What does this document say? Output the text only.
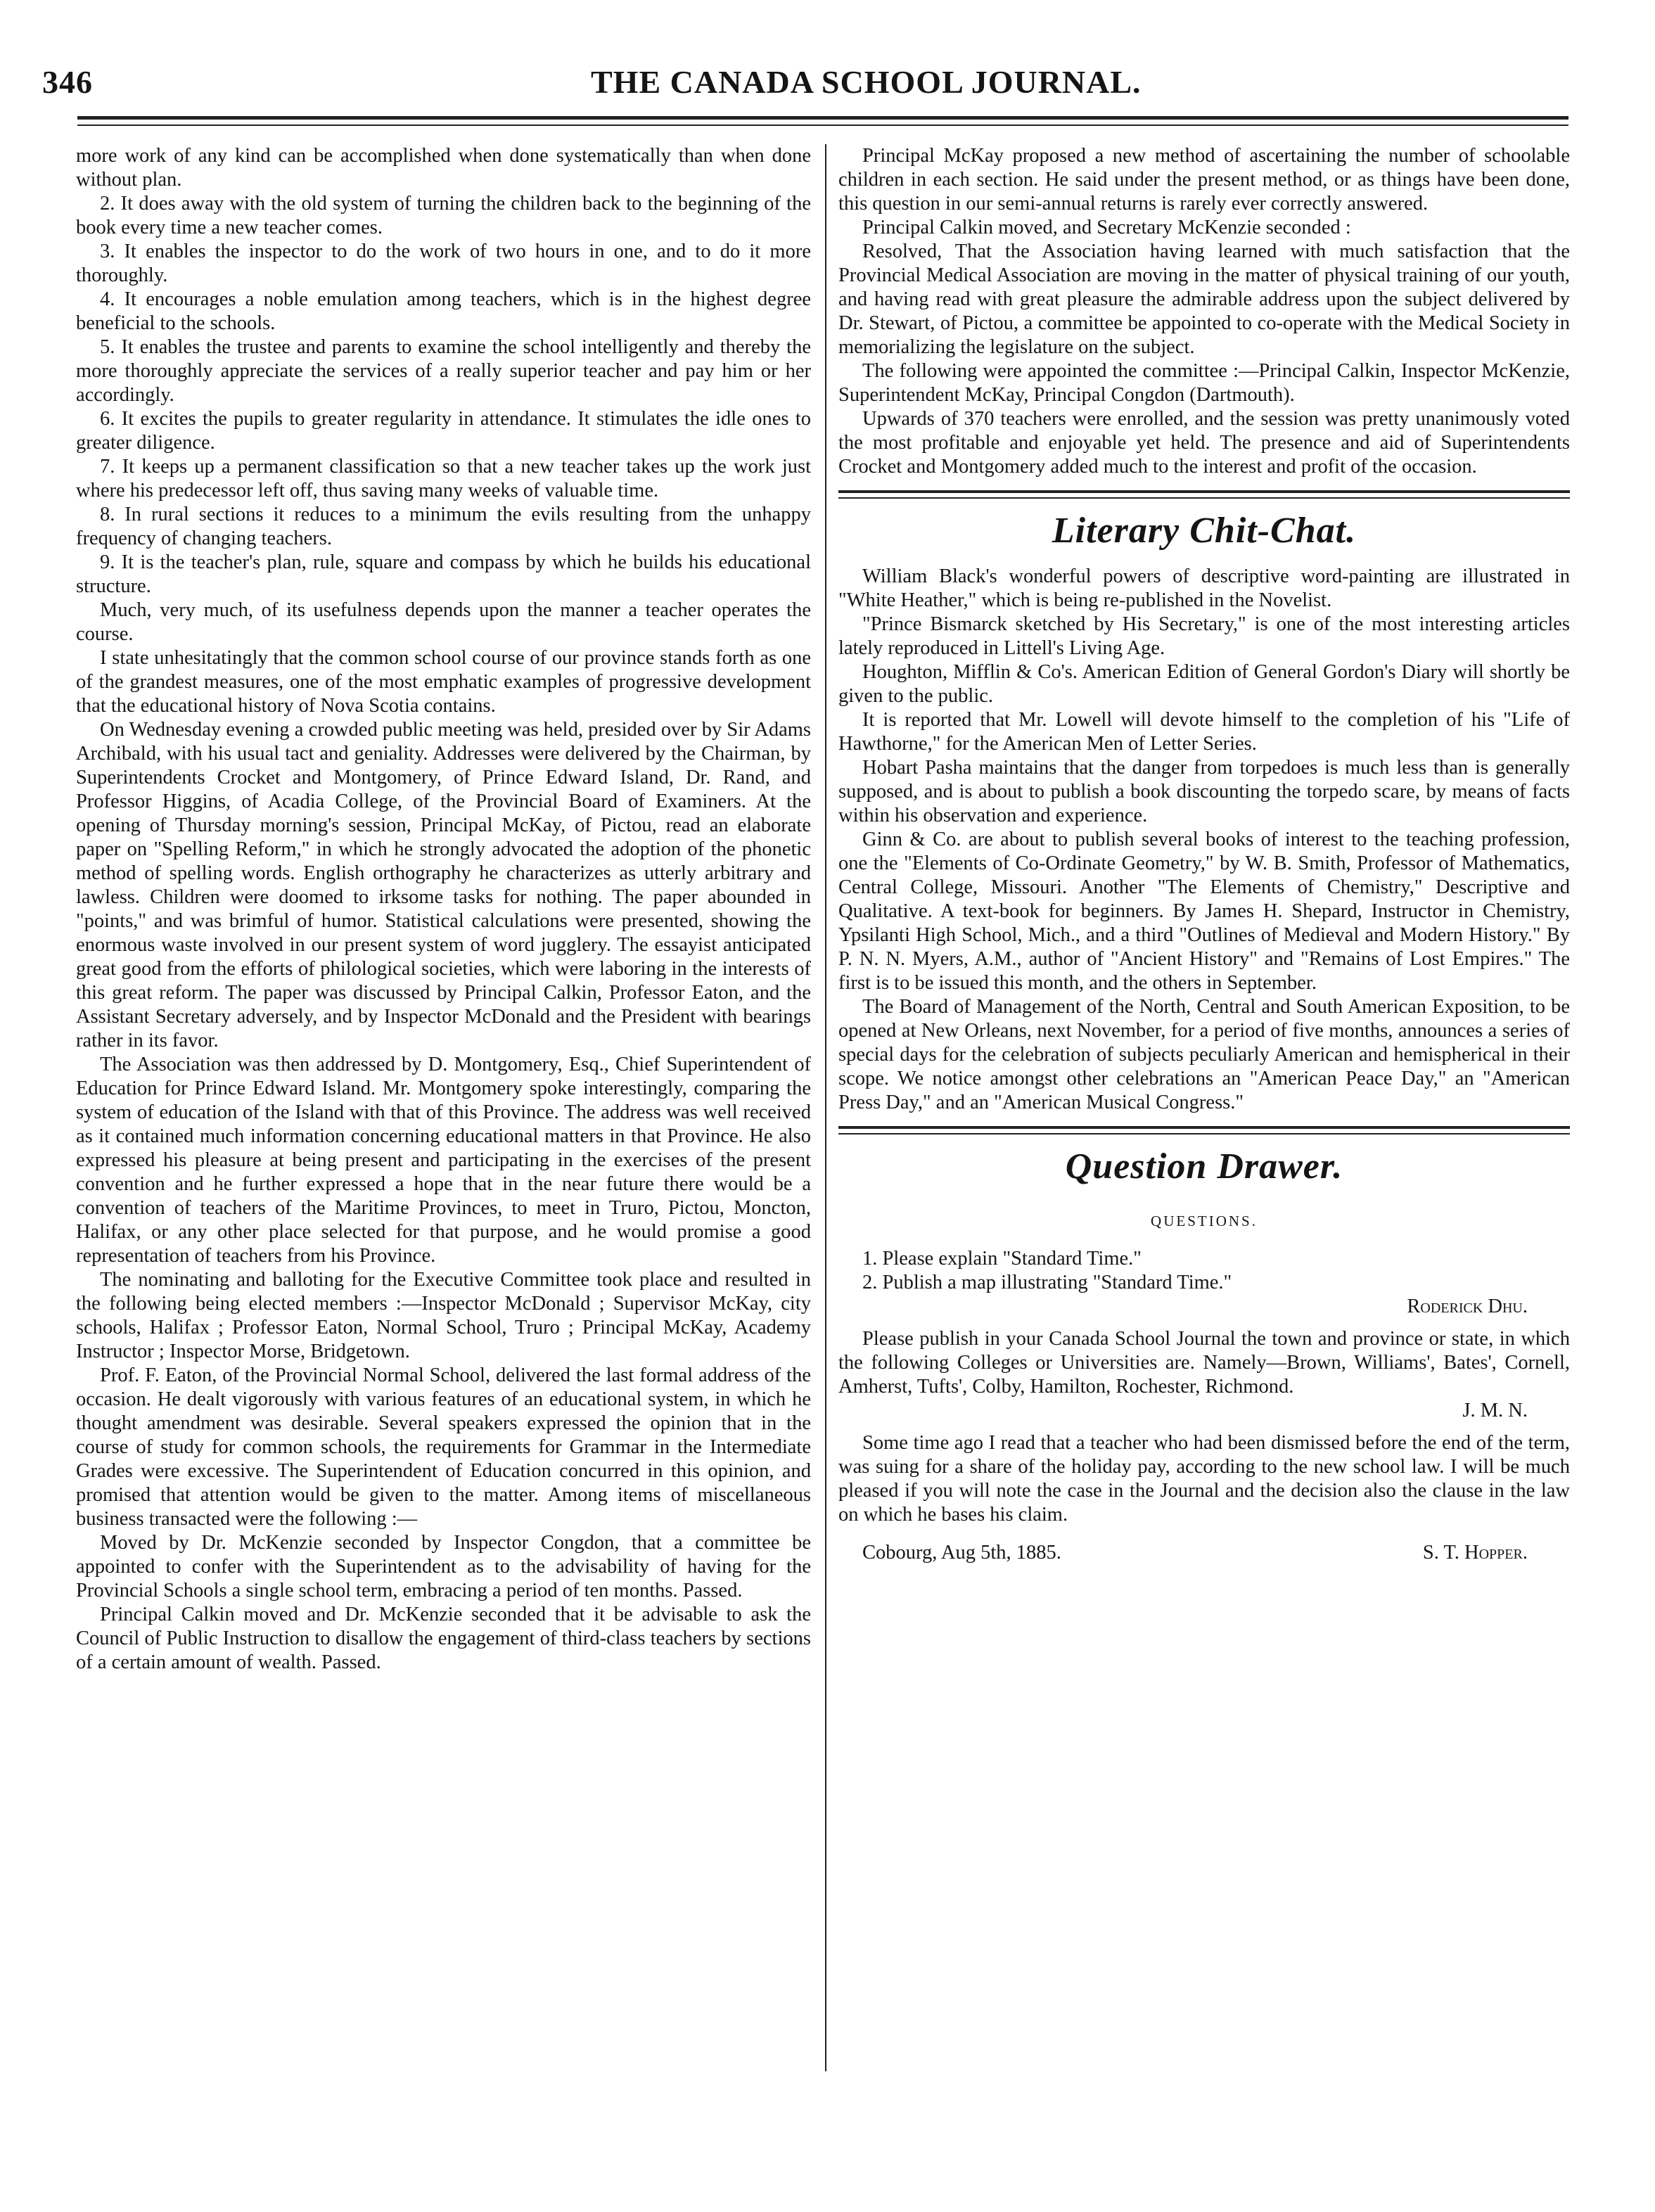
346	THE CANADA SCHOOL JOURNAL.

more work of any kind can be accomplished when done systematically than when done without plan.

2. It does away with the old system of turning the children back to the beginning of the book every time a new teacher comes.

3. It enables the inspector to do the work of two hours in one, and to do it more thoroughly.

4. It encourages a noble emulation among teachers, which is in the highest degree beneficial to the schools.

5. It enables the trustee and parents to examine the school intelligently and thereby the more thoroughly appreciate the services of a really superior teacher and pay him or her accordingly.

6. It excites the pupils to greater regularity in attendance. It stimulates the idle ones to greater diligence.

7. It keeps up a permanent classification so that a new teacher takes up the work just where his predecessor left off, thus saving many weeks of valuable time.

8. In rural sections it reduces to a minimum the evils resulting from the unhappy frequency of changing teachers.

9. It is the teacher's plan, rule, square and compass by which he builds his educational structure.

Much, very much, of its usefulness depends upon the manner a teacher operates the course.

I state unhesitatingly that the common school course of our province stands forth as one of the grandest measures, one of the most emphatic examples of progressive development that the educational history of Nova Scotia contains.

On Wednesday evening a crowded public meeting was held, presided over by Sir Adams Archibald, with his usual tact and geniality. Addresses were delivered by the Chairman, by Superintendents Crocket and Montgomery, of Prince Edward Island, Dr. Rand, and Professor Higgins, of Acadia College, of the Provincial Board of Examiners. At the opening of Thursday morning's session, Principal McKay, of Pictou, read an elaborate paper on "Spelling Reform," in which he strongly advocated the adoption of the phonetic method of spelling words. English orthography he characterizes as utterly arbitrary and lawless. Children were doomed to irksome tasks for nothing. The paper abounded in "points," and was brimful of humor. Statistical calculations were presented, showing the enormous waste involved in our present system of word jugglery. The essayist anticipated great good from the efforts of philological societies, which were laboring in the interests of this great reform. The paper was discussed by Principal Calkin, Professor Eaton, and the Assistant Secretary adversely, and by Inspector McDonald and the President with bearings rather in its favor.

The Association was then addressed by D. Montgomery, Esq., Chief Superintendent of Education for Prince Edward Island. Mr. Montgomery spoke interestingly, comparing the system of education of the Island with that of this Province. The address was well received as it contained much information concerning educational matters in that Province. He also expressed his pleasure at being present and participating in the exercises of the present convention and he further expressed a hope that in the near future there would be a convention of teachers of the Maritime Provinces, to meet in Truro, Pictou, Moncton, Halifax, or any other place selected for that purpose, and he would promise a good representation of teachers from his Province.

The nominating and balloting for the Executive Committee took place and resulted in the following being elected members :—Inspector McDonald ; Supervisor McKay, city schools, Halifax ; Professor Eaton, Normal School, Truro ; Principal McKay, Academy Instructor ; Inspector Morse, Bridgetown.

Prof. F. Eaton, of the Provincial Normal School, delivered the last formal address of the occasion. He dealt vigorously with various features of an educational system, in which he thought amendment was desirable. Several speakers expressed the opinion that in the course of study for common schools, the requirements for Grammar in the Intermediate Grades were excessive. The Superintendent of Education concurred in this opinion, and promised that attention would be given to the matter. Among items of miscellaneous business transacted were the following :—

Moved by Dr. McKenzie seconded by Inspector Congdon, that a committee be appointed to confer with the Superintendent as to the advisability of having for the Provincial Schools a single school term, embracing a period of ten months. Passed.

Principal Calkin moved and Dr. McKenzie seconded that it be advisable to ask the Council of Public Instruction to disallow the engagement of third-class teachers by sections of a certain amount of wealth. Passed.

Principal McKay proposed a new method of ascertaining the number of schoolable children in each section. He said under the present method, or as things have been done, this question in our semi-annual returns is rarely ever correctly answered.

Principal Calkin moved, and Secretary McKenzie seconded :

Resolved, That the Association having learned with much satisfaction that the Provincial Medical Association are moving in the matter of physical training of our youth, and having read with great pleasure the admirable address upon the subject delivered by Dr. Stewart, of Pictou, a committee be appointed to co-operate with the Medical Society in memorializing the legislature on the subject.

The following were appointed the committee :—Principal Calkin, Inspector McKenzie, Superintendent McKay, Principal Congdon (Dartmouth).

Upwards of 370 teachers were enrolled, and the session was pretty unanimously voted the most profitable and enjoyable yet held. The presence and aid of Superintendents Crocket and Montgomery added much to the interest and profit of the occasion.

Literary Chit-Chat.

William Black's wonderful powers of descriptive word-painting are illustrated in "White Heather," which is being re-published in the Novelist.

"Prince Bismarck sketched by His Secretary," is one of the most interesting articles lately reproduced in Littell's Living Age.

Houghton, Mifflin & Co's. American Edition of General Gordon's Diary will shortly be given to the public.

It is reported that Mr. Lowell will devote himself to the completion of his "Life of Hawthorne," for the American Men of Letter Series.

Hobart Pasha maintains that the danger from torpedoes is much less than is generally supposed, and is about to publish a book discounting the torpedo scare, by means of facts within his observation and experience.

Ginn & Co. are about to publish several books of interest to the teaching profession, one the "Elements of Co-Ordinate Geometry," by W. B. Smith, Professor of Mathematics, Central College, Missouri. Another "The Elements of Chemistry," Descriptive and Qualitative. A text-book for beginners. By James H. Shepard, Instructor in Chemistry, Ypsilanti High School, Mich., and a third "Outlines of Medieval and Modern History." By P. N. N. Myers, A.M., author of "Ancient History" and "Remains of Lost Empires." The first is to be issued this month, and the others in September.

The Board of Management of the North, Central and South American Exposition, to be opened at New Orleans, next November, for a period of five months, announces a series of special days for the celebration of subjects peculiarly American and hemispherical in their scope. We notice amongst other celebrations an "American Peace Day," an "American Press Day," and an "American Musical Congress."

Question Drawer.
QUESTIONS.

1. Please explain "Standard Time."

2. Publish a map illustrating "Standard Time."

Roderick Dhu.

Please publish in your Canada School Journal the town and province or state, in which the following Colleges or Universities are. Namely—Brown, Williams', Bates', Cornell, Amherst, Tufts', Colby, Hamilton, Rochester, Richmond.

J. M. N.

Some time ago I read that a teacher who had been dismissed before the end of the term, was suing for a share of the holiday pay, according to the new school law. I will be much pleased if you will note the case in the Journal and the decision also the clause in the law on which he bases his claim.

Cobourg, Aug 5th, 1885.	S. T. Hopper.
